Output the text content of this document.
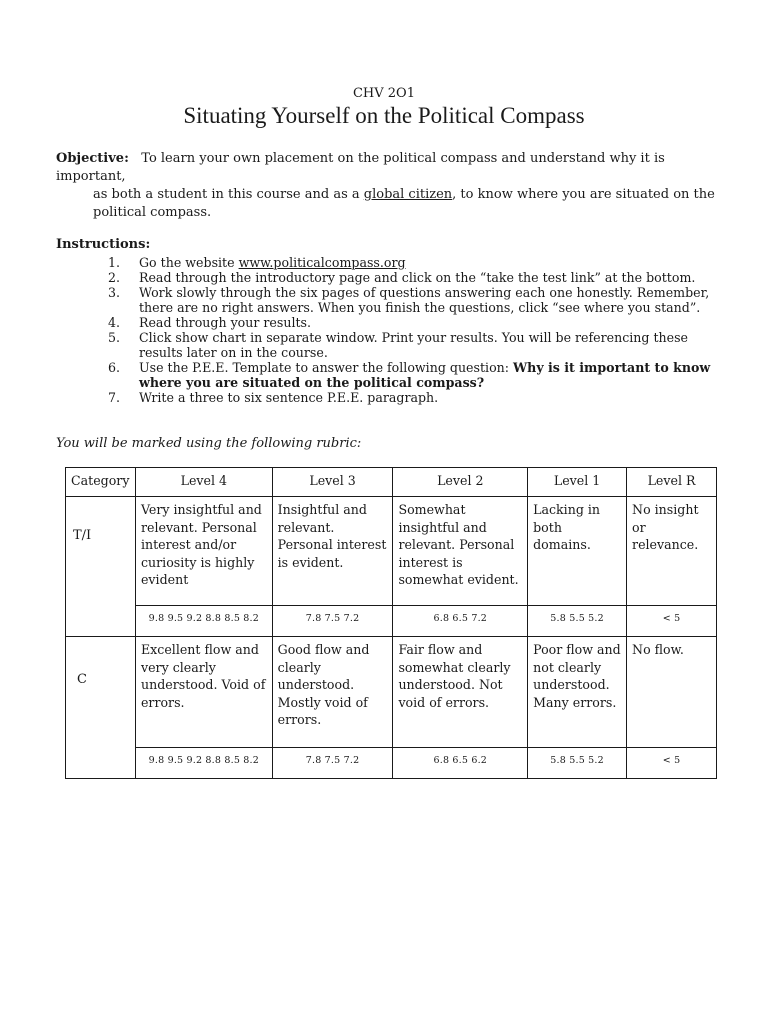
CHV 2O1
Situating Yourself on the Political Compass
Objective: To learn your own placement on the political compass and understand why it is important,
as both a student in this course and as a global citizen, to know where you are situated on the
political compass.
Instructions:
1. Go the website www.politicalcompass.org
2. Read through the introductory page and click on the “take the test link” at the bottom.
3. Work slowly through the six pages of questions answering each one honestly. Remember, there are no right answers. When you finish the questions, click “see where you stand”.
4. Read through your results.
5. Click show chart in separate window. Print your results. You will be referencing these results later on in the course.
6. Use the P.E.E. Template to answer the following question: Why is it important to know where you are situated on the political compass?
7. Write a three to six sentence P.E.E. paragraph.
You will be marked using the following rubric:
Category	Level 4	Level 3	Level 2	Level 1	Level R

T/I	Very insightful and relevant. Personal interest and/or curiosity is highly evident	Insightful and relevant. Personal interest is evident.	Somewhat insightful and relevant. Personal interest is somewhat evident.	Lacking in both domains.	No insight or relevance.
	9.8 9.5 9.2 8.8 8.5 8.2	7.8 7.5 7.2	6.8 6.5 7.2	5.8 5.5 5.2	< 5

C	Excellent flow and very clearly understood. Void of errors.	Good flow and clearly understood. Mostly void of errors.	Fair flow and somewhat clearly understood. Not void of errors.	Poor flow and not clearly understood. Many errors.	No flow.
	9.8 9.5 9.2 8.8 8.5 8.2	7.8 7.5 7.2	6.8 6.5 6.2	5.8 5.5 5.2	< 5
